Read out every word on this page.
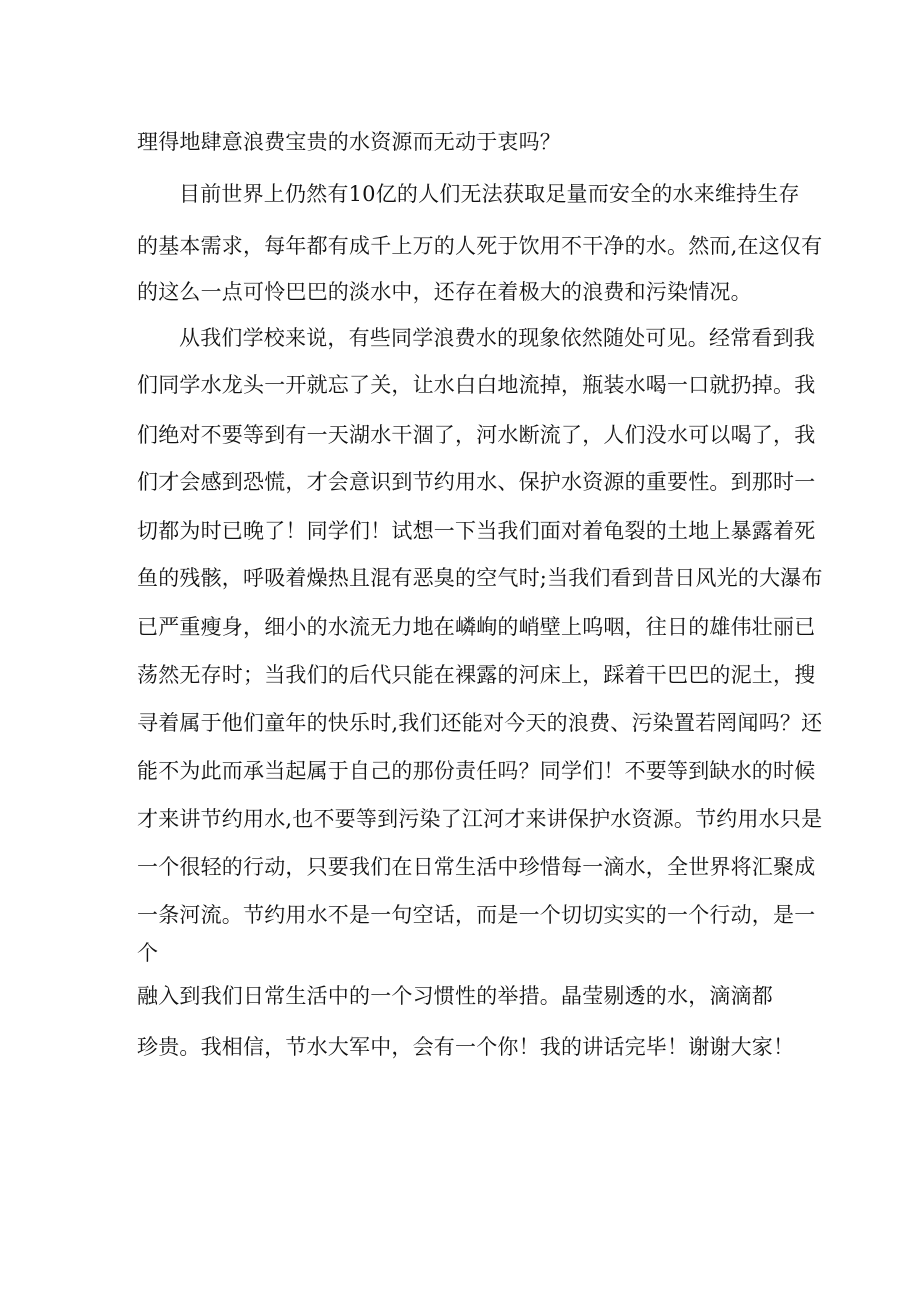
理得地肆意浪费宝贵的水资源而无动于衷吗？
目前世界上仍然有10亿的人们无法获取足量而安全的水来维持生存
的基本需求，每年都有成千上万的人死于饮用不干净的水。然而,在这仅有
的这么一点可怜巴巴的淡水中，还存在着极大的浪费和污染情况。
从我们学校来说，有些同学浪费水的现象依然随处可见。经常看到我
们同学水龙头一开就忘了关，让水白白地流掉，瓶装水喝一口就扔掉。我
们绝对不要等到有一天湖水干涸了，河水断流了，人们没水可以喝了，我
们才会感到恐慌，才会意识到节约用水、保护水资源的重要性。到那时一
切都为时已晚了！同学们！试想一下当我们面对着龟裂的土地上暴露着死
鱼的残骸，呼吸着燥热且混有恶臭的空气时;当我们看到昔日风光的大瀑布
已严重瘦身，细小的水流无力地在嶙峋的峭壁上呜咽，往日的雄伟壮丽已
荡然无存时；当我们的后代只能在裸露的河床上，踩着干巴巴的泥土，搜
寻着属于他们童年的快乐时,我们还能对今天的浪费、污染置若罔闻吗？还
能不为此而承当起属于自己的那份责任吗？同学们！不要等到缺水的时候
才来讲节约用水,也不要等到污染了江河才来讲保护水资源。节约用水只是
一个很轻的行动，只要我们在日常生活中珍惜每一滴水，全世界将汇聚成
一条河流。节约用水不是一句空话，而是一个切切实实的一个行动，是一
个
融入到我们日常生活中的一个习惯性的举措。晶莹剔透的水，滴滴都
珍贵。我相信，节水大军中，会有一个你！我的讲话完毕！谢谢大家！
